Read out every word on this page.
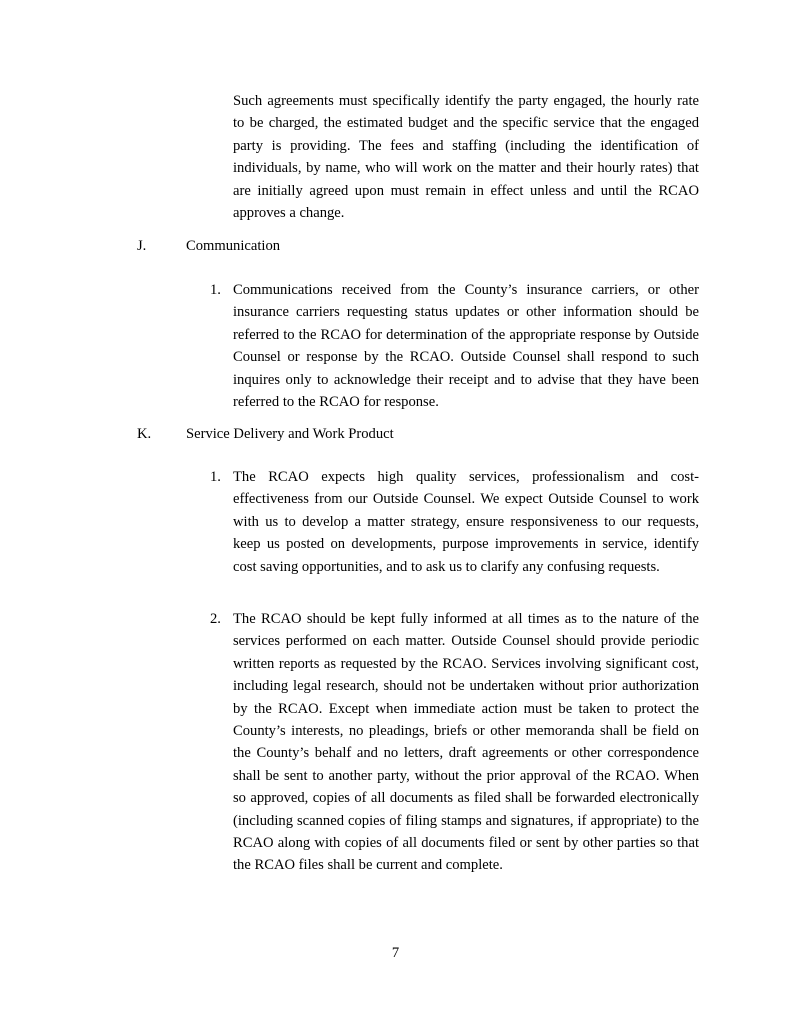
Such agreements must specifically identify the party engaged, the hourly rate to be charged, the estimated budget and the specific service that the engaged party is providing. The fees and staffing (including the identification of individuals, by name, who will work on the matter and their hourly rates) that are initially agreed upon must remain in effect unless and until the RCAO approves a change.

J.	Communication

1. Communications received from the County’s insurance carriers, or other insurance carriers requesting status updates or other information should be referred to the RCAO for determination of the appropriate response by Outside Counsel or response by the RCAO. Outside Counsel shall respond to such inquires only to acknowledge their receipt and to advise that they have been referred to the RCAO for response.

K. Service Delivery and Work Product

1. The RCAO expects high quality services, professionalism and cost-effectiveness from our Outside Counsel. We expect Outside Counsel to work with us to develop a matter strategy, ensure responsiveness to our requests, keep us posted on developments, purpose improvements in service, identify cost saving opportunities, and to ask us to clarify any confusing requests.

2. The RCAO should be kept fully informed at all times as to the nature of the services performed on each matter. Outside Counsel should provide periodic written reports as requested by the RCAO. Services involving significant cost, including legal research, should not be undertaken without prior authorization by the RCAO. Except when immediate action must be taken to protect the County’s interests, no pleadings, briefs or other memoranda shall be field on the County’s behalf and no letters, draft agreements or other correspondence shall be sent to another party, without the prior approval of the RCAO. When so approved, copies of all documents as filed shall be forwarded electronically (including scanned copies of filing stamps and signatures, if appropriate) to the RCAO along with copies of all documents filed or sent by other parties so that the RCAO files shall be current and complete.

7
